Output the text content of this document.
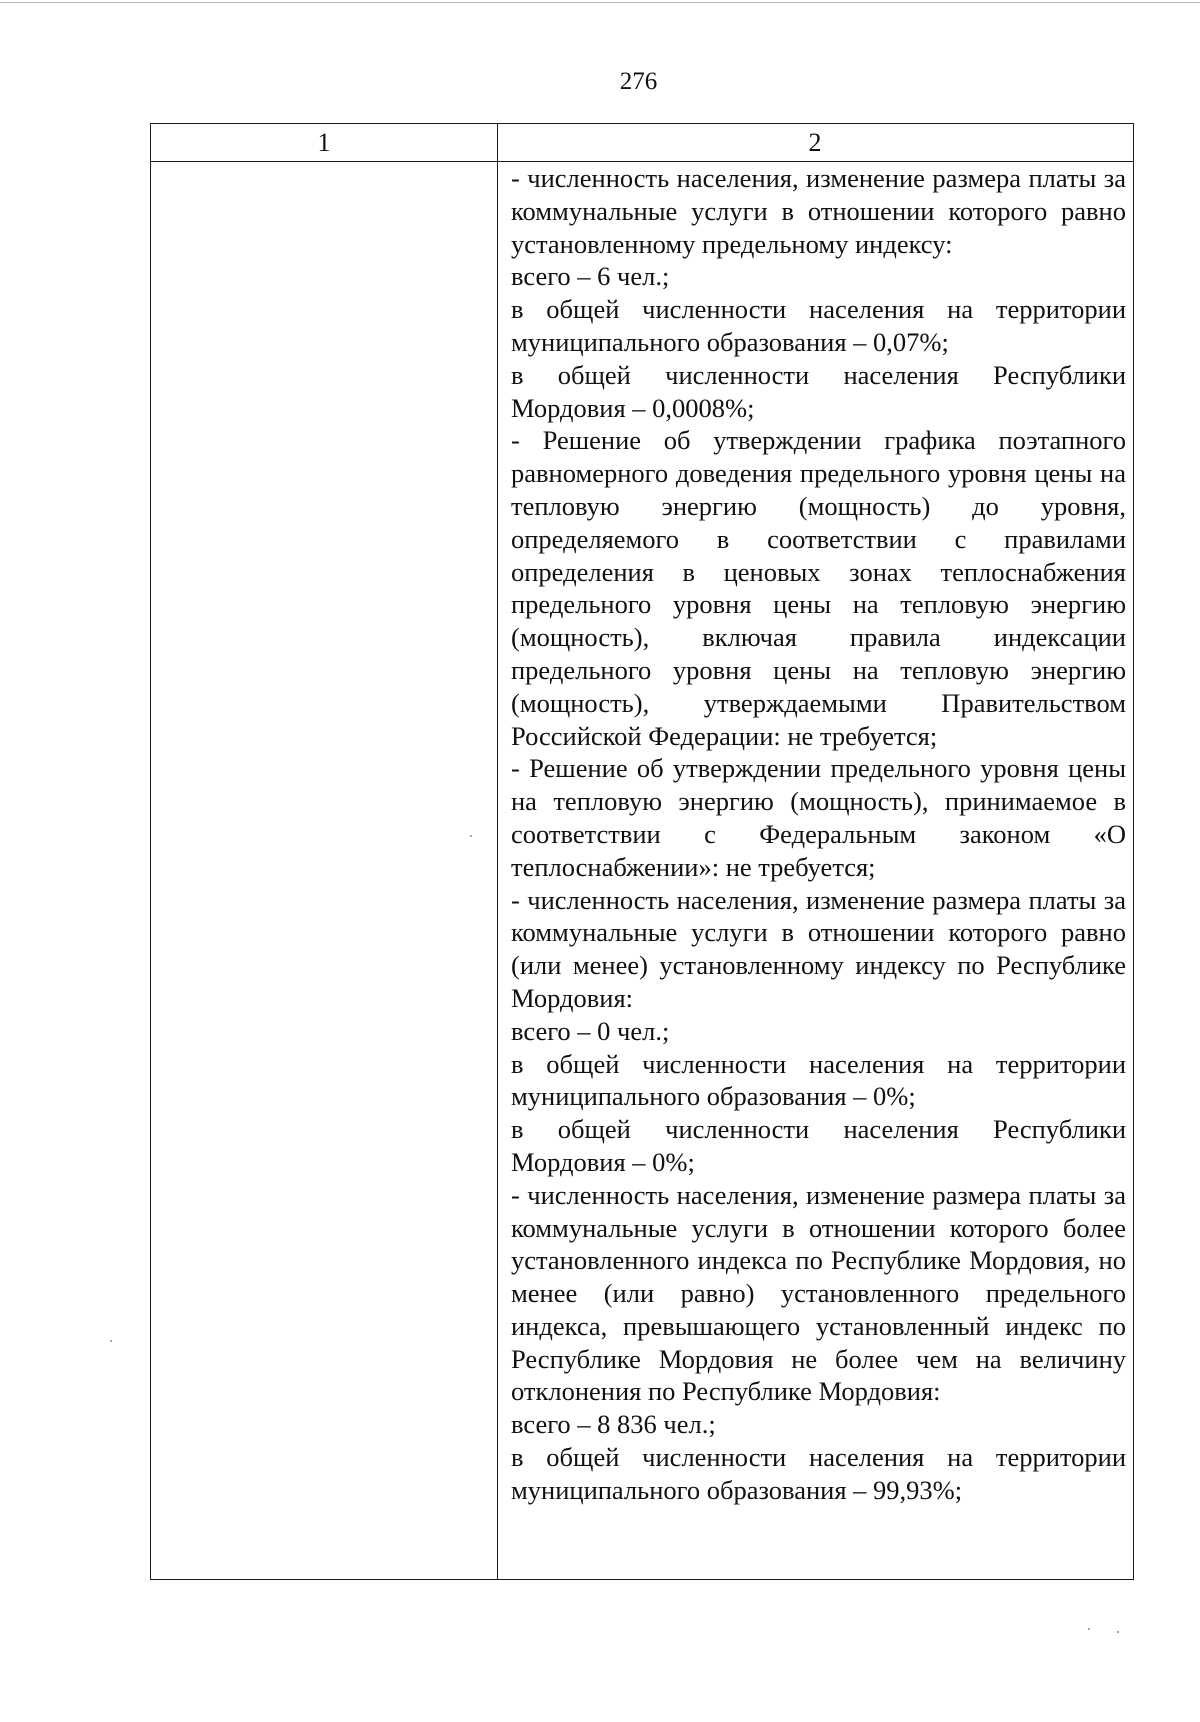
276
1	2

- численность населения, изменение размера платы за коммунальные услуги в отношении которого равно установленному предельному индексу:

всего – 6 чел.;

в общей численности населения на территории муниципального образования – 0,07%;

в общей численности населения Республики Мордовия – 0,0008%;

- Решение об утверждении графика поэтапного равномерного доведения предельного уровня цены на тепловую энергию (мощность) до уровня, определяемого в соответствии с правилами определения в ценовых зонах теплоснабжения предельного уровня цены на тепловую энергию (мощность), включая правила индексации предельного уровня цены на тепловую энергию (мощность), утверждаемыми Правительством Российской Федерации: не требуется;

- Решение об утверждении предельного уровня цены на тепловую энергию (мощность), принимаемое в соответствии с Федеральным законом «О теплоснабжении»: не требуется;

- численность населения, изменение размера платы за коммунальные услуги в отношении которого равно (или менее) установленному индексу по Республике Мордовия:

всего – 0 чел.;

в общей численности населения на территории муниципального образования – 0%;

в общей численности населения Республики Мордовия – 0%;

- численность населения, изменение размера платы за коммунальные услуги в отношении которого более установленного индекса по Республике Мордовия, но менее (или равно) установленного предельного индекса, превышающего установленный индекс по Республике Мордовия не более чем на величину отклонения по Республике Мордовия:

всего – 8 836 чел.;

в общей численности населения на территории муниципального образования – 99,93%;
